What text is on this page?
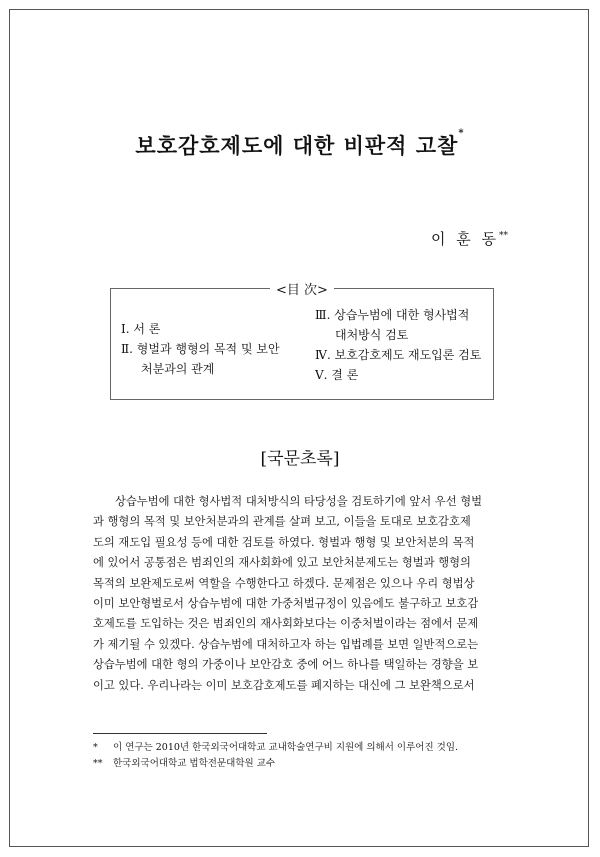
보호감호제도에 대한 비판적 고찰*
이 훈 동**
<目 次>
Ⅰ. 서 론
Ⅱ. 형벌과 행형의 목적 및 보안
처분과의 관계
Ⅲ. 상습누범에 대한 형사법적
대처방식 검토
Ⅳ. 보호감호제도 재도입론 검토
Ⅴ. 결 론
[국문초록]
상습누범에 대한 형사법적 대처방식의 타당성을 검토하기에 앞서 우선 형벌
과 행형의 목적 및 보안처분과의 관계를 살펴 보고, 이들을 토대로 보호감호제
도의 재도입 필요성 등에 대한 검토를 하였다. 형벌과 행형 및 보안처분의 목적
에 있어서 공통점은 범죄인의 재사회화에 있고 보안처분제도는 형벌과 행형의
목적의 보완제도로써 역할을 수행한다고 하겠다. 문제점은 있으나 우리 형법상
이미 보안형벌로서 상습누범에 대한 가중처벌규정이 있음에도 불구하고 보호감
호제도를 도입하는 것은 범죄인의 재사회화보다는 이중처벌이라는 점에서 문제
가 제기될 수 있겠다. 상습누범에 대처하고자 하는 입법례를 보면 일반적으로는
상습누범에 대한 형의 가중이나 보안감호 중에 어느 하나를 택일하는 경향을 보
이고 있다. 우리나라는 이미 보호감호제도를 폐지하는 대신에 그 보완책으로서
* 이 연구는 2010년 한국외국어대학교 교내학술연구비 지원에 의해서 이루어진 것임.
** 한국외국어대학교 법학전문대학원 교수
